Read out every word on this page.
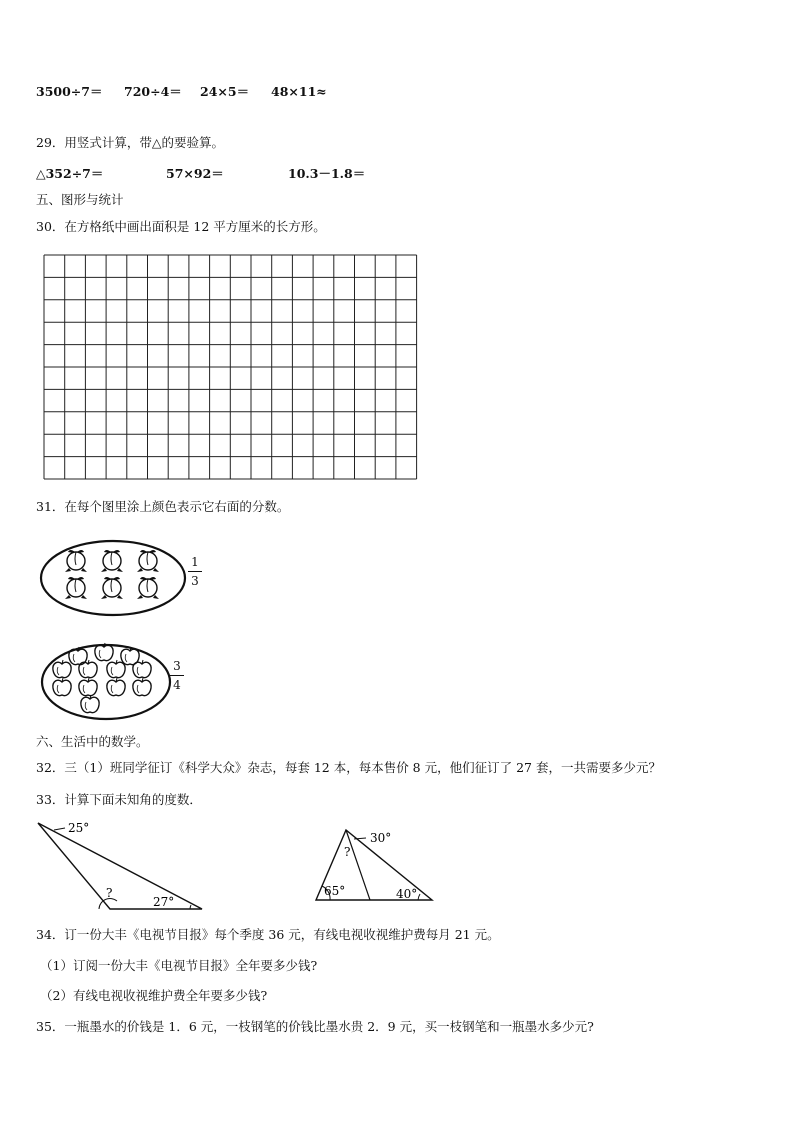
3500÷7＝ 720÷4＝ 24×5＝ 48×11≈
29．用竖式计算，带△的要验算。
△352÷7＝	57×92＝	10.3－1.8＝
五、图形与统计
30．在方格纸中画出面积是 12 平方厘米的长方形。
31．在每个图里涂上颜色表示它右面的分数。
1
3
3
4
六、生活中的数学。
32．三（1）班同学征订《科学大众》杂志，每套 12 本，每本售价 8 元，他们征订了 27 套，一共需要多少元？
33．计算下面未知角的度数．
25°
?
27°
30°
?
65°	40°
34．订一份大丰《电视节目报》每个季度 36 元，有线电视收视维护费每月 21 元。
（1）订阅一份大丰《电视节目报》全年要多少钱?
（2）有线电视收视维护费全年要多少钱?
35．一瓶墨水的价钱是 1．6 元，一枝钢笔的价钱比墨水贵 2．9 元，买一枝钢笔和一瓶墨水多少元?
